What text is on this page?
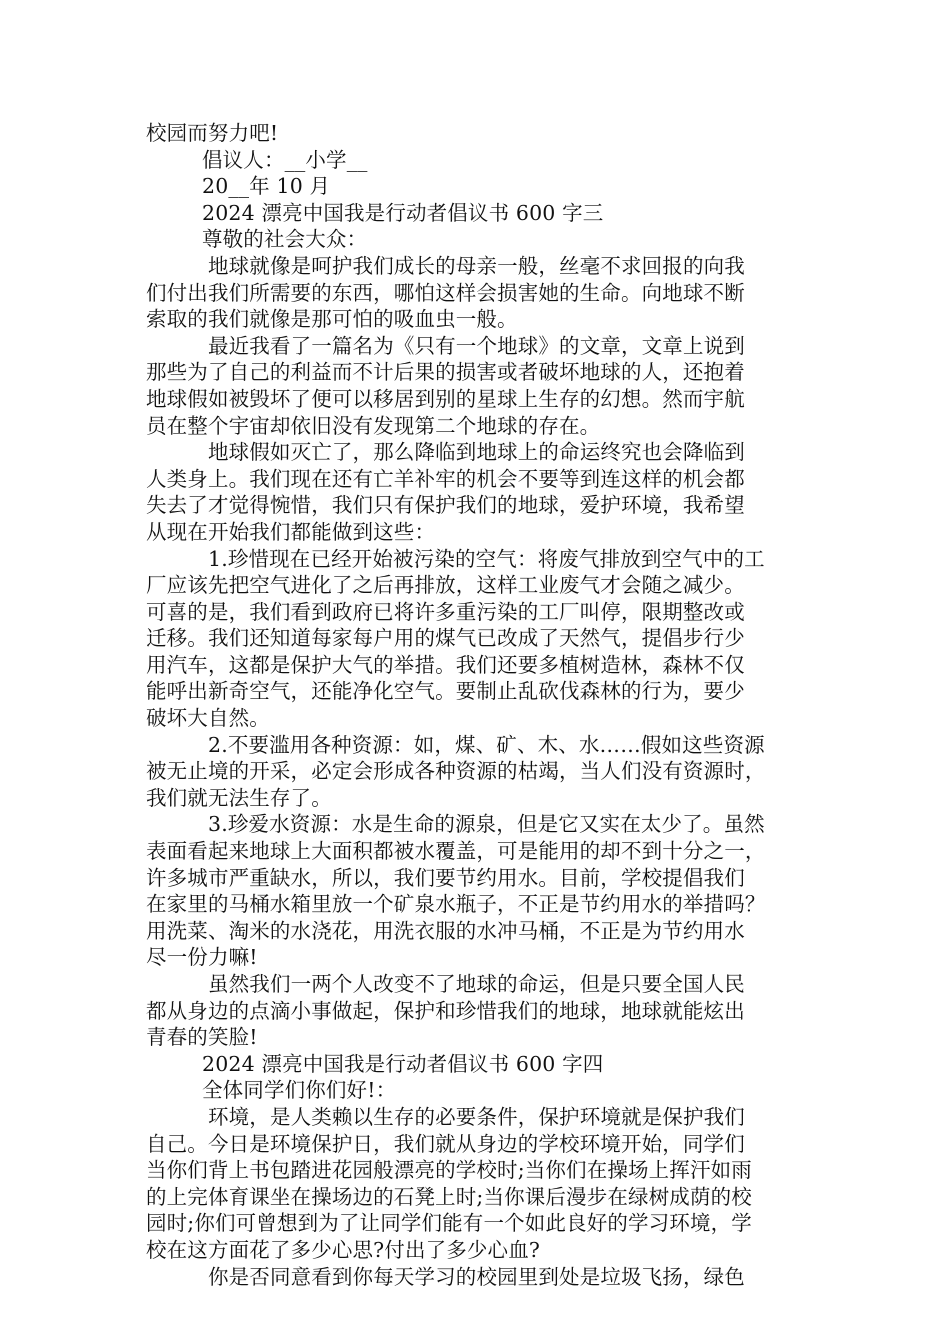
校园而努力吧!

倡议人：__小学__

20__年 10 月

2024 漂亮中国我是行动者倡议书 600 字三

尊敬的社会大众：

地球就像是呵护我们成长的母亲一般，丝毫不求回报的向我

们付出我们所需要的东西，哪怕这样会损害她的生命。向地球不断

索取的我们就像是那可怕的吸血虫一般。

最近我看了一篇名为《只有一个地球》的文章，文章上说到

那些为了自己的利益而不计后果的损害或者破坏地球的人，还抱着

地球假如被毁坏了便可以移居到别的星球上生存的幻想。然而宇航

员在整个宇宙却依旧没有发现第二个地球的存在。

地球假如灭亡了，那么降临到地球上的命运终究也会降临到

人类身上。我们现在还有亡羊补牢的机会不要等到连这样的机会都

失去了才觉得惋惜，我们只有保护我们的地球，爱护环境，我希望

从现在开始我们都能做到这些：

1.珍惜现在已经开始被污染的空气：将废气排放到空气中的工

厂应该先把空气进化了之后再排放，这样工业废气才会随之减少。

可喜的是，我们看到政府已将许多重污染的工厂叫停，限期整改或

迁移。我们还知道每家每户用的煤气已改成了天然气，提倡步行少

用汽车，这都是保护大气的举措。我们还要多植树造林，森林不仅

能呼出新奇空气，还能净化空气。要制止乱砍伐森林的行为，要少

破坏大自然。

2.不要滥用各种资源：如，煤、矿、木、水……假如这些资源

被无止境的开采，必定会形成各种资源的枯竭，当人们没有资源时，

我们就无法生存了。

3.珍爱水资源：水是生命的源泉，但是它又实在太少了。虽然

表面看起来地球上大面积都被水覆盖，可是能用的却不到十分之一，

许多城市严重缺水，所以，我们要节约用水。目前，学校提倡我们

在家里的马桶水箱里放一个矿泉水瓶子，不正是节约用水的举措吗？

用洗菜、淘米的水浇花，用洗衣服的水冲马桶，不正是为节约用水

尽一份力嘛!

虽然我们一两个人改变不了地球的命运，但是只要全国人民

都从身边的点滴小事做起，保护和珍惜我们的地球，地球就能炫出

青春的笑脸!

2024 漂亮中国我是行动者倡议书 600 字四

全体同学们你们好!：

环境，是人类赖以生存的必要条件，保护环境就是保护我们

自己。今日是环境保护日，我们就从身边的学校环境开始，同学们

当你们背上书包踏进花园般漂亮的学校时;当你们在操场上挥汗如雨

的上完体育课坐在操场边的石凳上时;当你课后漫步在绿树成荫的校

园时;你们可曾想到为了让同学们能有一个如此良好的学习环境，学

校在这方面花了多少心思?付出了多少心血?

你是否同意看到你每天学习的校园里到处是垃圾飞扬，绿色
